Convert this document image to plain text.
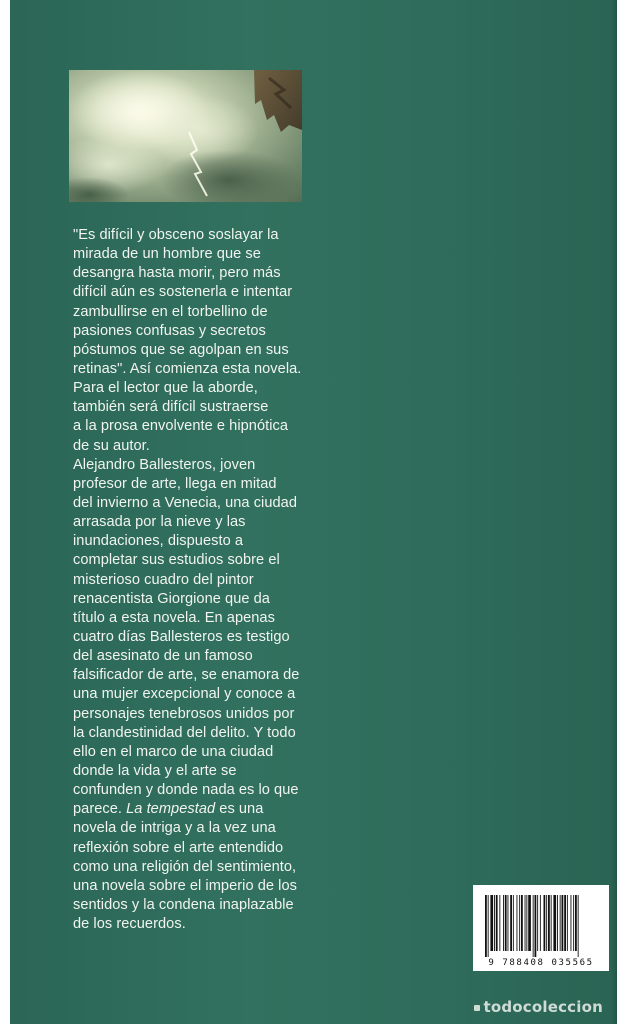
"Es difícil y obsceno soslayar la
mirada de un hombre que se
desangra hasta morir, pero más
difícil aún es sostenerla e intentar
zambullirse en el torbellino de
pasiones confusas y secretos
póstumos que se agolpan en sus
retinas". Así comienza esta novela.
Para el lector que la aborde,
también será difícil sustraerse
a la prosa envolvente e hipnótica
de su autor.
Alejandro Ballesteros, joven
profesor de arte, llega en mitad
del invierno a Venecia, una ciudad
arrasada por la nieve y las
inundaciones, dispuesto a
completar sus estudios sobre el
misterioso cuadro del pintor
renacentista Giorgione que da
título a esta novela. En apenas
cuatro días Ballesteros es testigo
del asesinato de un famoso
falsificador de arte, se enamora de
una mujer excepcional y conoce a
personajes tenebrosos unidos por
la clandestinidad del delito. Y todo
ello en el marco de una ciudad
donde la vida y el arte se
confunden y donde nada es lo que
parece. La tempestad es una
novela de intriga y a la vez una
reflexión sobre el arte entendido
como una religión del sentimiento,
una novela sobre el imperio de los
sentidos y la condena inaplazable
de los recuerdos.
9 788408 035565
todocoleccion
